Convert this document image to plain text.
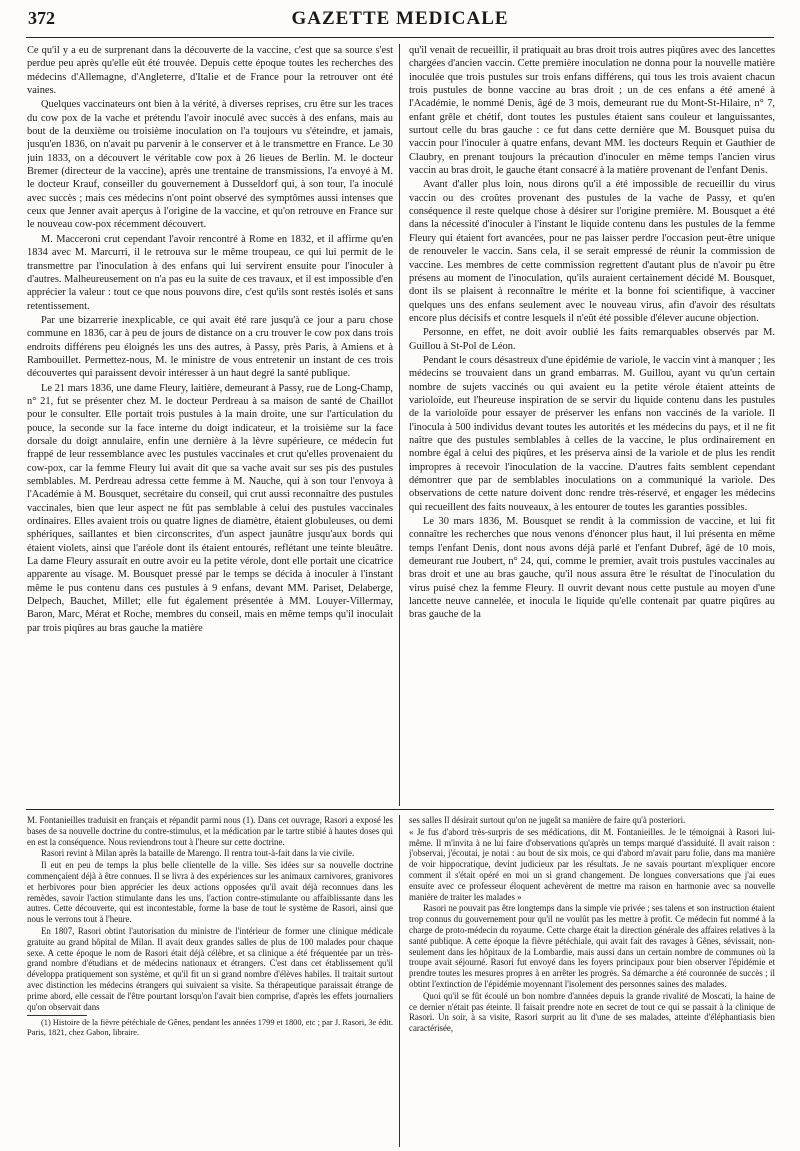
372	GAZETTE MEDICALE

Ce qu'il y a eu de surprenant dans la découverte de la vaccine, c'est que sa source s'est perdue peu après qu'elle eût été trouvée. Depuis cette époque toutes les recherches des médecins d'Allemagne, d'Angleterre, d'Italie et de France pour la retrouver ont été vaines.

Quelques vaccinateurs ont bien à la vérité, à diverses reprises, cru être sur les traces du cow pox de la vache et prétendu l'avoir inoculé avec succès à des enfans, mais au bout de la deuxième ou troisième inoculation on l'a toujours vu s'éteindre, et jamais, jusqu'en 1836, on n'avait pu parvenir à le conserver et à le transmettre en France. Le 30 juin 1833, on a découvert le véritable cow pox à 26 lieues de Berlin. M. le docteur Bremer (directeur de la vaccine), après une trentaine de transmissions, l'a envoyé à M. le docteur Krauf, conseiller du gouvernement à Dusseldorf qui, à son tour, l'a inoculé avec succès ; mais ces médecins n'ont point observé des symptômes aussi intenses que ceux que Jenner avait aperçus à l'origine de la vaccine, et qu'on retrouve en France sur le nouveau cow-pox récemment découvert.

M. Macceroni crut cependant l'avoir rencontré à Rome en 1832, et il affirme qu'en 1834 avec M. Marcurri, il le retrouva sur le même troupeau, ce qui lui permit de le transmettre par l'inoculation à des enfans qui lui servirent ensuite pour l'inoculer à d'autres. Malheureusement on n'a pas eu la suite de ces travaux, et il est impossible d'en apprécier la valeur : tout ce que nous pouvons dire, c'est qu'ils sont restés isolés et sans retentissement.

Par une bizarrerie inexplicable, ce qui avait été rare jusqu'à ce jour a paru chose commune en 1836, car à peu de jours de distance on a cru trouver le cow pox dans trois endroits différens peu éloignés les uns des autres, à Passy, près Paris, à Amiens et à Rambouillet. Permettez-nous, M. le ministre de vous entretenir un instant de ces trois découvertes qui paraissent devoir intéresser à un haut degré la santé publique.

Le 21 mars 1836, une dame Fleury, laitière, demeurant à Passy, rue de Long-Champ, n° 21, fut se présenter chez M. le docteur Perdreau à sa maison de santé de Chaillot pour le consulter. Elle portait trois pustules à la main droite, une sur l'articulation du pouce, la seconde sur la face interne du doigt indicateur, et la troisième sur la face dorsale du doigt annulaire, enfin une dernière à la lèvre supérieure, ce médecin fut frappé de leur ressemblance avec les pustules vaccinales et crut qu'elles provenaient du cow-pox, car la femme Fleury lui avait dit que sa vache avait sur ses pis des pustules semblables. M. Perdreau adressa cette femme à M. Nauche, qui à son tour l'envoya à l'Académie à M. Bousquet, secrétaire du conseil, qui crut aussi reconnaître des pustules vaccinales, bien que leur aspect ne fût pas semblable à celui des pustules vaccinales ordinaires. Elles avaient trois ou quatre lignes de diamètre, étaient globuleuses, ou demi sphériques, saillantes et bien circonscrites, d'un aspect jaunâtre jusqu'aux bords qui étaient violets, ainsi que l'aréole dont ils étaient entourés, reflétant une teinte bleuâtre. La dame Fleury assurait en outre avoir eu la petite vérole, dont elle portait une cicatrice apparente au visage. M. Bousquet pressé par le temps se décida à inoculer à l'instant même le pus contenu dans ces pustules à 9 enfans, devant MM. Pariset, Delaberge, Delpech, Bauchet, Millet; elle fut également présentée à MM. Louyer-Villermay, Baron, Marc, Mérat et Roche, membres du conseil, mais en même temps qu'il inoculait par trois piqûres au bras gauche la matière

qu'il venait de recueillir, il pratiquait au bras droit trois autres piqûres avec des lancettes chargées d'ancien vaccin. Cette première inoculation ne donna pour la nouvelle matière inoculée que trois pustules sur trois enfans différens, qui tous les trois avaient chacun trois pustules de bonne vaccine au bras droit ; un de ces enfans a été amené à l'Académie, le nommé Denis, âgé de 3 mois, demeurant rue du Mont-St-Hilaire, n° 7, enfant grêle et chétif, dont toutes les pustules étaient sans couleur et languissantes, surtout celle du bras gauche : ce fut dans cette dernière que M. Bousquet puisa du vaccin pour l'inoculer à quatre enfans, devant MM. les docteurs Requin et Gauthier de Claubry, en prenant toujours la précaution d'inoculer en même temps l'ancien virus vaccin au bras droit, le gauche étant consacré à la matière provenant de l'enfant Denis.

Avant d'aller plus loin, nous dirons qu'il a été impossible de recueillir du virus vaccin ou des croûtes provenant des pustules de la vache de Passy, et qu'en conséquence il reste quelque chose à désirer sur l'origine première. M. Bousquet a été dans la nécessité d'inoculer à l'instant le liquide contenu dans les pustules de la femme Fleury qui étaient fort avancées, pour ne pas laisser perdre l'occasion peut-être unique de renouveler le vaccin. Sans cela, il se serait empressé de réunir la commission de vaccine. Les membres de cette commission regrettent d'autant plus de n'avoir pu être présens au moment de l'inoculation, qu'ils auraient certainement décidé M. Bousquet, dont ils se plaisent à reconnaître le mérite et la bonne foi scientifique, à vacciner quelques uns des enfans seulement avec le nouveau virus, afin d'avoir des résultats encore plus décisifs et contre lesquels il n'eût été possible d'élever aucune objection.

Personne, en effet, ne doit avoir oublié les faits remarquables observés par M. Guillou à St-Pol de Léon.

Pendant le cours désastreux d'une épidémie de variole, le vaccin vint à manquer ; les médecins se trouvaient dans un grand embarras. M. Guillou, ayant vu qu'un certain nombre de sujets vaccinés ou qui avaient eu la petite vérole étaient atteints de varioloïde, eut l'heureuse inspiration de se servir du liquide contenu dans les pustules de la varioloïde pour essayer de préserver les enfans non vaccinés de la variole. Il l'inocula à 500 individus devant toutes les autorités et les médecins du pays, et il ne fit naître que des pustules semblables à celles de la vaccine, le plus ordinairement en nombre égal à celui des piqûres, et les préserva ainsi de la variole et de plus les rendit impropres à recevoir l'inoculation de la vaccine. D'autres faits semblent cependant démontrer que par de semblables inoculations on a communiqué la variole. Des observations de cette nature doivent donc rendre très-réservé, et engager les médecins qui recueillent des faits nouveaux, à les entourer de toutes les garanties possibles.

Le 30 mars 1836, M. Bousquet se rendit à la commission de vaccine, et lui fit connaître les recherches que nous venons d'énoncer plus haut, il lui présenta en même temps l'enfant Denis, dont nous avons déjà parlé et l'enfant Dubref, âgé de 10 mois, demeurant rue Joubert, n° 24, qui, comme le premier, avait trois pustules vaccinales au bras droit et une au bras gauche, qu'il nous assura être le résultat de l'inoculation du virus puisé chez la femme Fleury. Il ouvrit devant nous cette pustule au moyen d'une lancette neuve cannelée, et inocula le liquide qu'elle contenait par quatre piqûres au bras gauche de la

M. Fontanieilles traduisit en français et répandit parmi nous (1). Dans cet ouvrage, Rasori a exposé les bases de sa nouvelle doctrine du contre-stimulus, et la médication par le tartre stibié à hautes doses qui en est la conséquence. Nous reviendrons tout à l'heure sur cette doctrine.

Rasori revint à Milan après la bataille de Marengo. Il rentra tout-à-fait dans la vie civile.

Il eut en peu de temps la plus belle clientelle de la ville. Ses idées sur sa nouvelle doctrine commençaient déjà à être connues. Il se livra à des expériences sur les animaux carnivores, granivores et herbivores pour bien apprécier les deux actions opposées qu'il avait déjà reconnues dans les remèdes, savoir l'action stimulante dans les uns, l'action contre-stimulante ou affaiblissante dans les autres. Cette découverte, qui est incontestable, forme la base de tout le système de Rasori, ainsi que nous le verrons tout à l'heure.

En 1807, Rasori obtint l'autorisation du ministre de l'intérieur de former une clinique médicale gratuite au grand hôpital de Milan. Il avait deux grandes salles de plus de 100 malades pour chaque sexe. A cette époque le nom de Rasori était déjà célèbre, et sa clinique a été fréquentée par un très-grand nombre d'étudians et de médecins nationaux et étrangers. C'est dans cet établissement qu'il développa pratiquement son système, et qu'il fit un si grand nombre d'élèves habiles. Il traitait surtout avec distinction les médecins étrangers qui suivaient sa visite. Sa thérapeutique paraissait étrange de prime abord, elle cessait de l'être pourtant lorsqu'on l'avait bien comprise, d'après les effets journaliers qu'on observait dans

(1) Histoire de la fièvre pétéchiale de Gênes, pendant les années 1799 et 1800, etc ; par J. Rasori, 3e édit. Paris, 1821, chez Gabon, libraire.

ses salles Il désirait surtout qu'on ne jugeât sa manière de faire qu'à posteriori.

« Je fus d'abord très-surpris de ses médications, dit M. Fontanieilles. Je le témoignai à Rasori lui-même. Il m'invita à ne lui faire d'observations qu'après un temps marqué d'assiduité. Il avait raison : j'observai, j'écoutai, je notai : au bout de six mois, ce qui d'abord m'avait paru folie, dans ma manière de voir hippocratique, devint judicieux par les résultats. Je ne savais pourtant m'expliquer encore comment il s'était opéré en moi un si grand changement. De longues conversations que j'ai eues ensuite avec ce professeur éloquent achevèrent de mettre ma raison en harmonie avec sa nouvelle manière de traiter les malades »

Rasori ne pouvait pas être longtemps dans la simple vie privée ; ses talens et son instruction étaient trop connus du gouvernement pour qu'il ne voulût pas les mettre à profit. Ce médecin fut nommé à la charge de proto-médecin du royaume. Cette charge était la direction générale des affaires relatives à la santé publique. A cette époque la fièvre pétéchiale, qui avait fait des ravages à Gênes, sévissait, non-seulement dans les hôpitaux de la Lombardie, mais aussi dans un certain nombre de communes où la troupe avait séjourné. Rasori fut envoyé dans les foyers principaux pour bien observer l'épidémie et prendre toutes les mesures propres à en arrêter les progrès. Sa démarche a été couronnée de succès ; il obtint l'extinction de l'épidémie moyennant l'isolement des personnes saines des malades.

Quoi qu'il se fût écoulé un bon nombre d'années depuis la grande rivalité de Moscati, la haine de ce dernier n'était pas éteinte. Il faisait prendre note en secret de tout ce qui se passait à la clinique de Rasori. Un soir, à sa visite, Rasori surprit au lit d'une de ses malades, atteinte d'éléphantiasis bien caractérisée,
